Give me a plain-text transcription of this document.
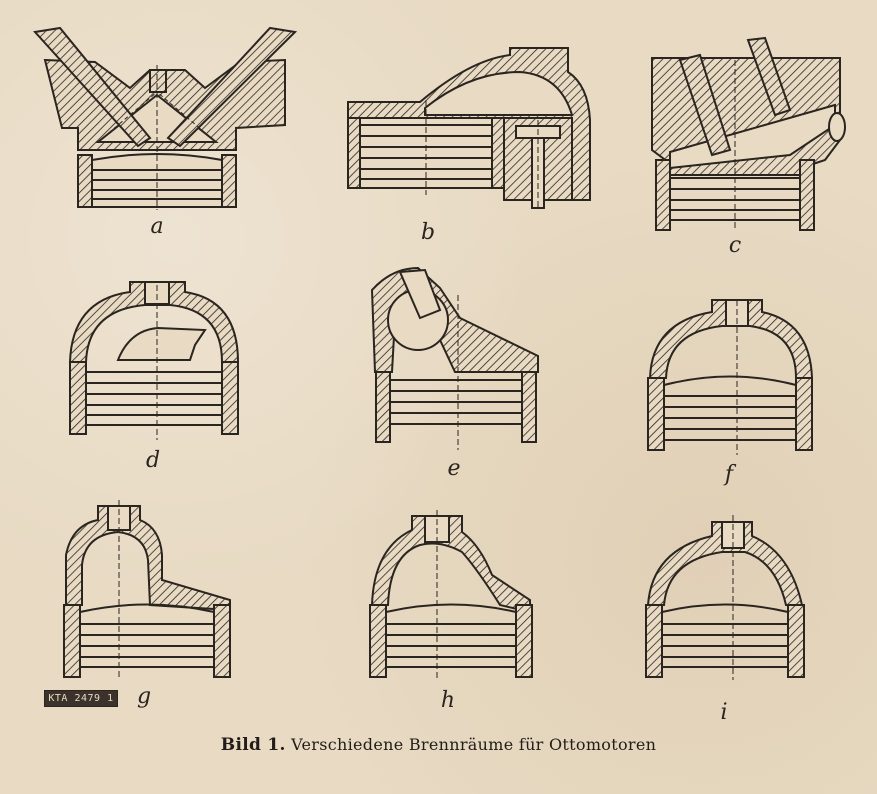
a	b
c
d	e	f
g	h	i
KTA 2479 1
Bild 1. Verschiedene Brennräume für Ottomotoren
